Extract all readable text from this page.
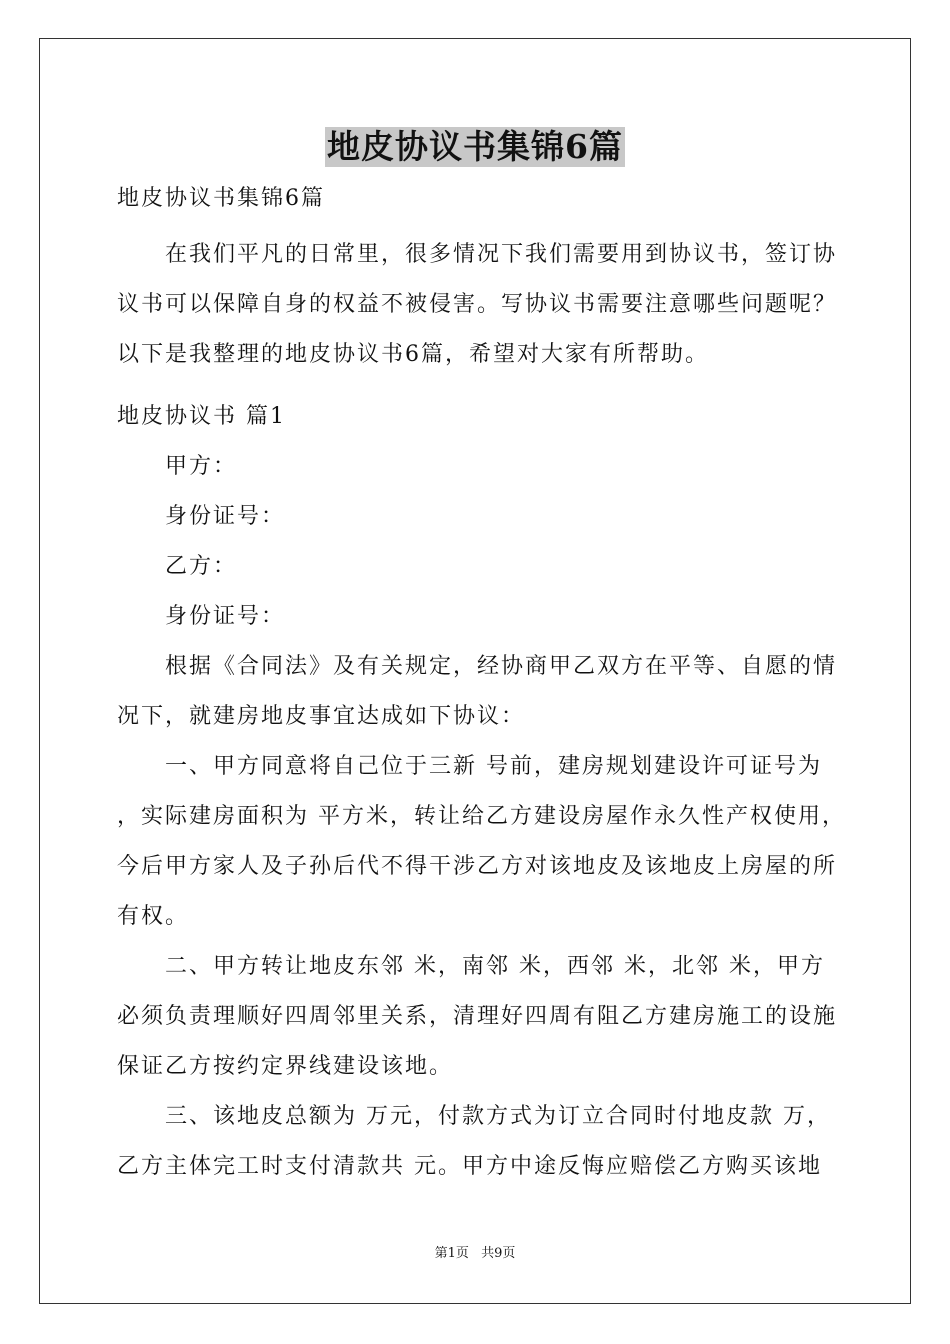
地皮协议书集锦6篇
地皮协议书集锦6篇
在我们平凡的日常里，很多情况下我们需要用到协议书，签订协
议书可以保障自身的权益不被侵害。写协议书需要注意哪些问题呢？
以下是我整理的地皮协议书6篇，希望对大家有所帮助。
地皮协议书 篇1
甲方：
身份证号：
乙方：
身份证号：
根据《合同法》及有关规定，经协商甲乙双方在平等、自愿的情
况下，就建房地皮事宜达成如下协议：
一、甲方同意将自己位于三新 号前，建房规划建设许可证号为
，实际建房面积为 平方米，转让给乙方建设房屋作永久性产权使用，
今后甲方家人及子孙后代不得干涉乙方对该地皮及该地皮上房屋的所
有权。
二、甲方转让地皮东邻 米，南邻 米，西邻 米，北邻 米，甲方
必须负责理顺好四周邻里关系，清理好四周有阻乙方建房施工的设施
保证乙方按约定界线建设该地。
三、该地皮总额为 万元，付款方式为订立合同时付地皮款 万，
乙方主体完工时支付清款共 元。甲方中途反悔应赔偿乙方购买该地
第1页 共9页
